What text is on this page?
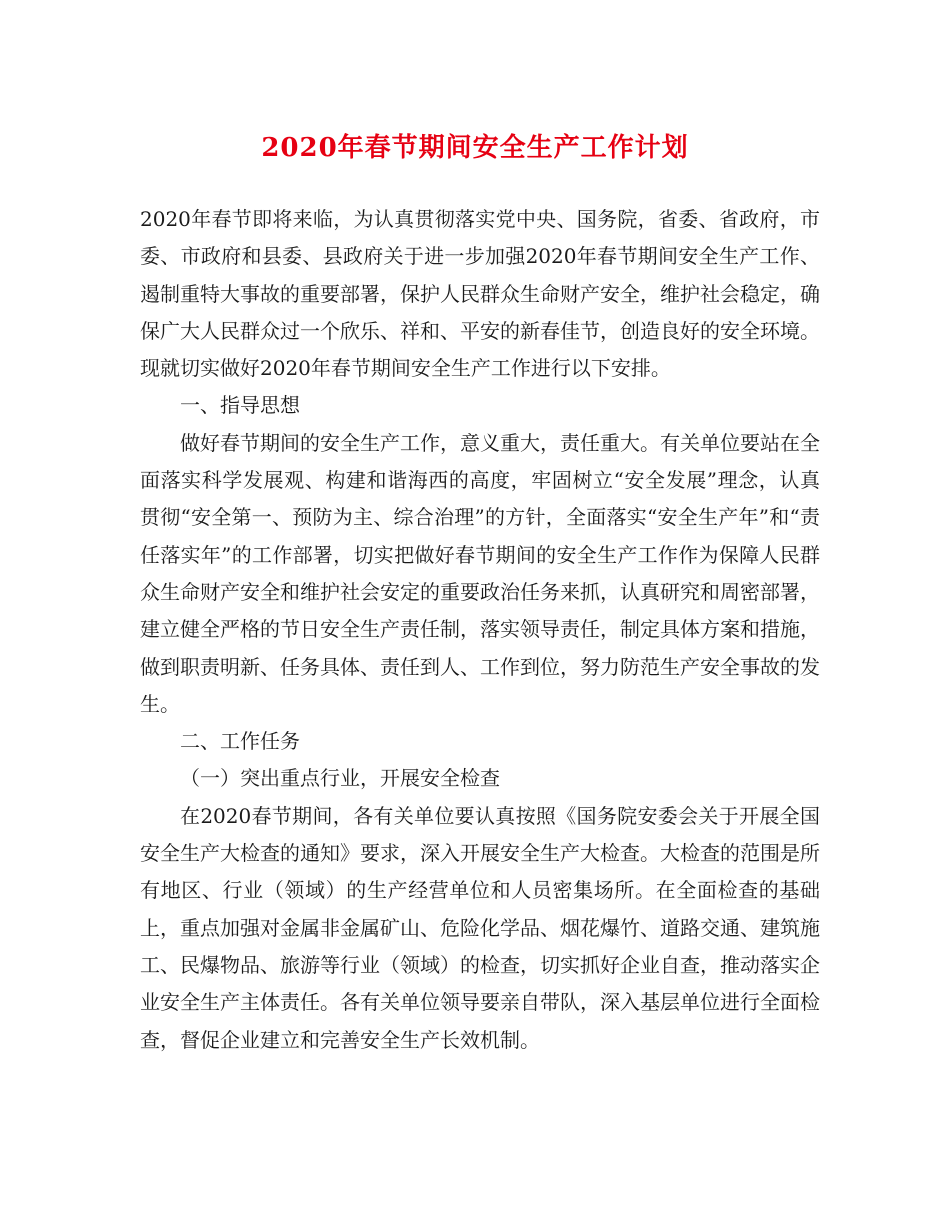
2020年春节期间安全生产工作计划

2020年春节即将来临，为认真贯彻落实党中央、国务院，省委、省政府，市委、市政府和县委、县政府关于进一步加强2020年春节期间安全生产工作、遏制重特大事故的重要部署，保护人民群众生命财产安全，维护社会稳定，确保广大人民群众过一个欣乐、祥和、平安的新春佳节，创造良好的安全环境。现就切实做好2020年春节期间安全生产工作进行以下安排。

一、指导思想

做好春节期间的安全生产工作，意义重大，责任重大。有关单位要站在全面落实科学发展观、构建和谐海西的高度，牢固树立“安全发展”理念，认真贯彻“安全第一、预防为主、综合治理”的方针，全面落实“安全生产年”和“责任落实年”的工作部署，切实把做好春节期间的安全生产工作作为保障人民群众生命财产安全和维护社会安定的重要政治任务来抓，认真研究和周密部署，建立健全严格的节日安全生产责任制，落实领导责任，制定具体方案和措施，做到职责明新、任务具体、责任到人、工作到位，努力防范生产安全事故的发生。

二、工作任务

（一）突出重点行业，开展安全检查

在2020春节期间，各有关单位要认真按照《国务院安委会关于开展全国安全生产大检查的通知》要求，深入开展安全生产大检查。大检查的范围是所有地区、行业（领域）的生产经营单位和人员密集场所。在全面检查的基础上，重点加强对金属非金属矿山、危险化学品、烟花爆竹、道路交通、建筑施工、民爆物品、旅游等行业（领域）的检查，切实抓好企业自查，推动落实企业安全生产主体责任。各有关单位领导要亲自带队，深入基层单位进行全面检查，督促企业建立和完善安全生产长效机制。
